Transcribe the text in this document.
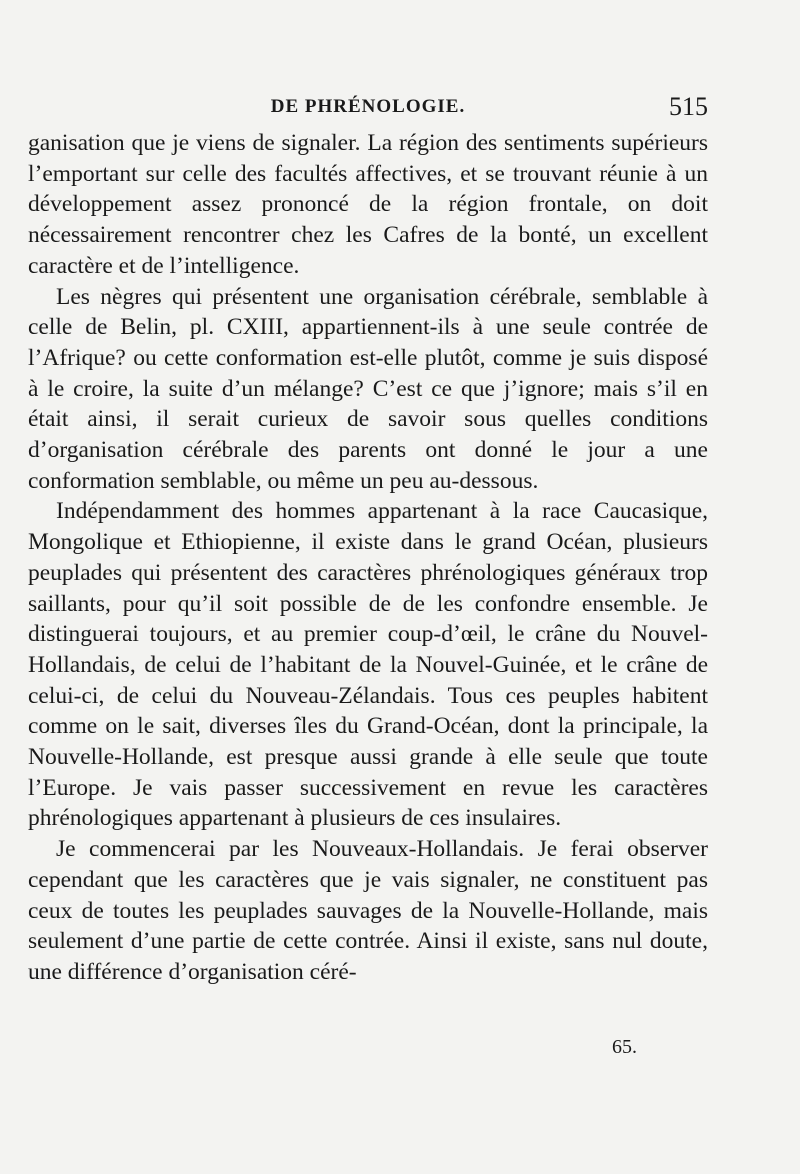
DE PHRÉNOLOGIE.	515

ganisation que je viens de signaler. La région des sentiments supérieurs l’emportant sur celle des facultés affectives, et se trouvant réunie à un développement assez prononcé de la région frontale, on doit nécessairement rencontrer chez les Cafres de la bonté, un excellent caractère et de l’intelligence.

Les nègres qui présentent une organisation cérébrale, semblable à celle de Belin, pl. CXIII, appartiennent-ils à une seule contrée de l’Afrique? ou cette conformation est-elle plutôt, comme je suis disposé à le croire, la suite d’un mélange? C’est ce que j’ignore; mais s’il en était ainsi, il serait curieux de savoir sous quelles conditions d’organisation cérébrale des parents ont donné le jour a une conformation semblable, ou même un peu au-dessous.

Indépendamment des hommes appartenant à la race Caucasique, Mongolique et Ethiopienne, il existe dans le grand Océan, plusieurs peuplades qui présentent des caractères phrénologiques généraux trop saillants, pour qu’il soit possible de de les confondre ensemble. Je distinguerai toujours, et au premier coup-d’œil, le crâne du Nouvel-Hollandais, de celui de l’habitant de la Nouvel-Guinée, et le crâne de celui-ci, de celui du Nouveau-Zélandais. Tous ces peuples habitent comme on le sait, diverses îles du Grand-Océan, dont la principale, la Nouvelle-Hollande, est presque aussi grande à elle seule que toute l’Europe. Je vais passer successivement en revue les caractères phrénologiques appartenant à plusieurs de ces insulaires.

Je commencerai par les Nouveaux-Hollandais. Je ferai observer cependant que les caractères que je vais signaler, ne constituent pas ceux de toutes les peuplades sauvages de la Nouvelle-Hollande, mais seulement d’une partie de cette contrée. Ainsi il existe, sans nul doute, une différence d’organisation céré-

65.
